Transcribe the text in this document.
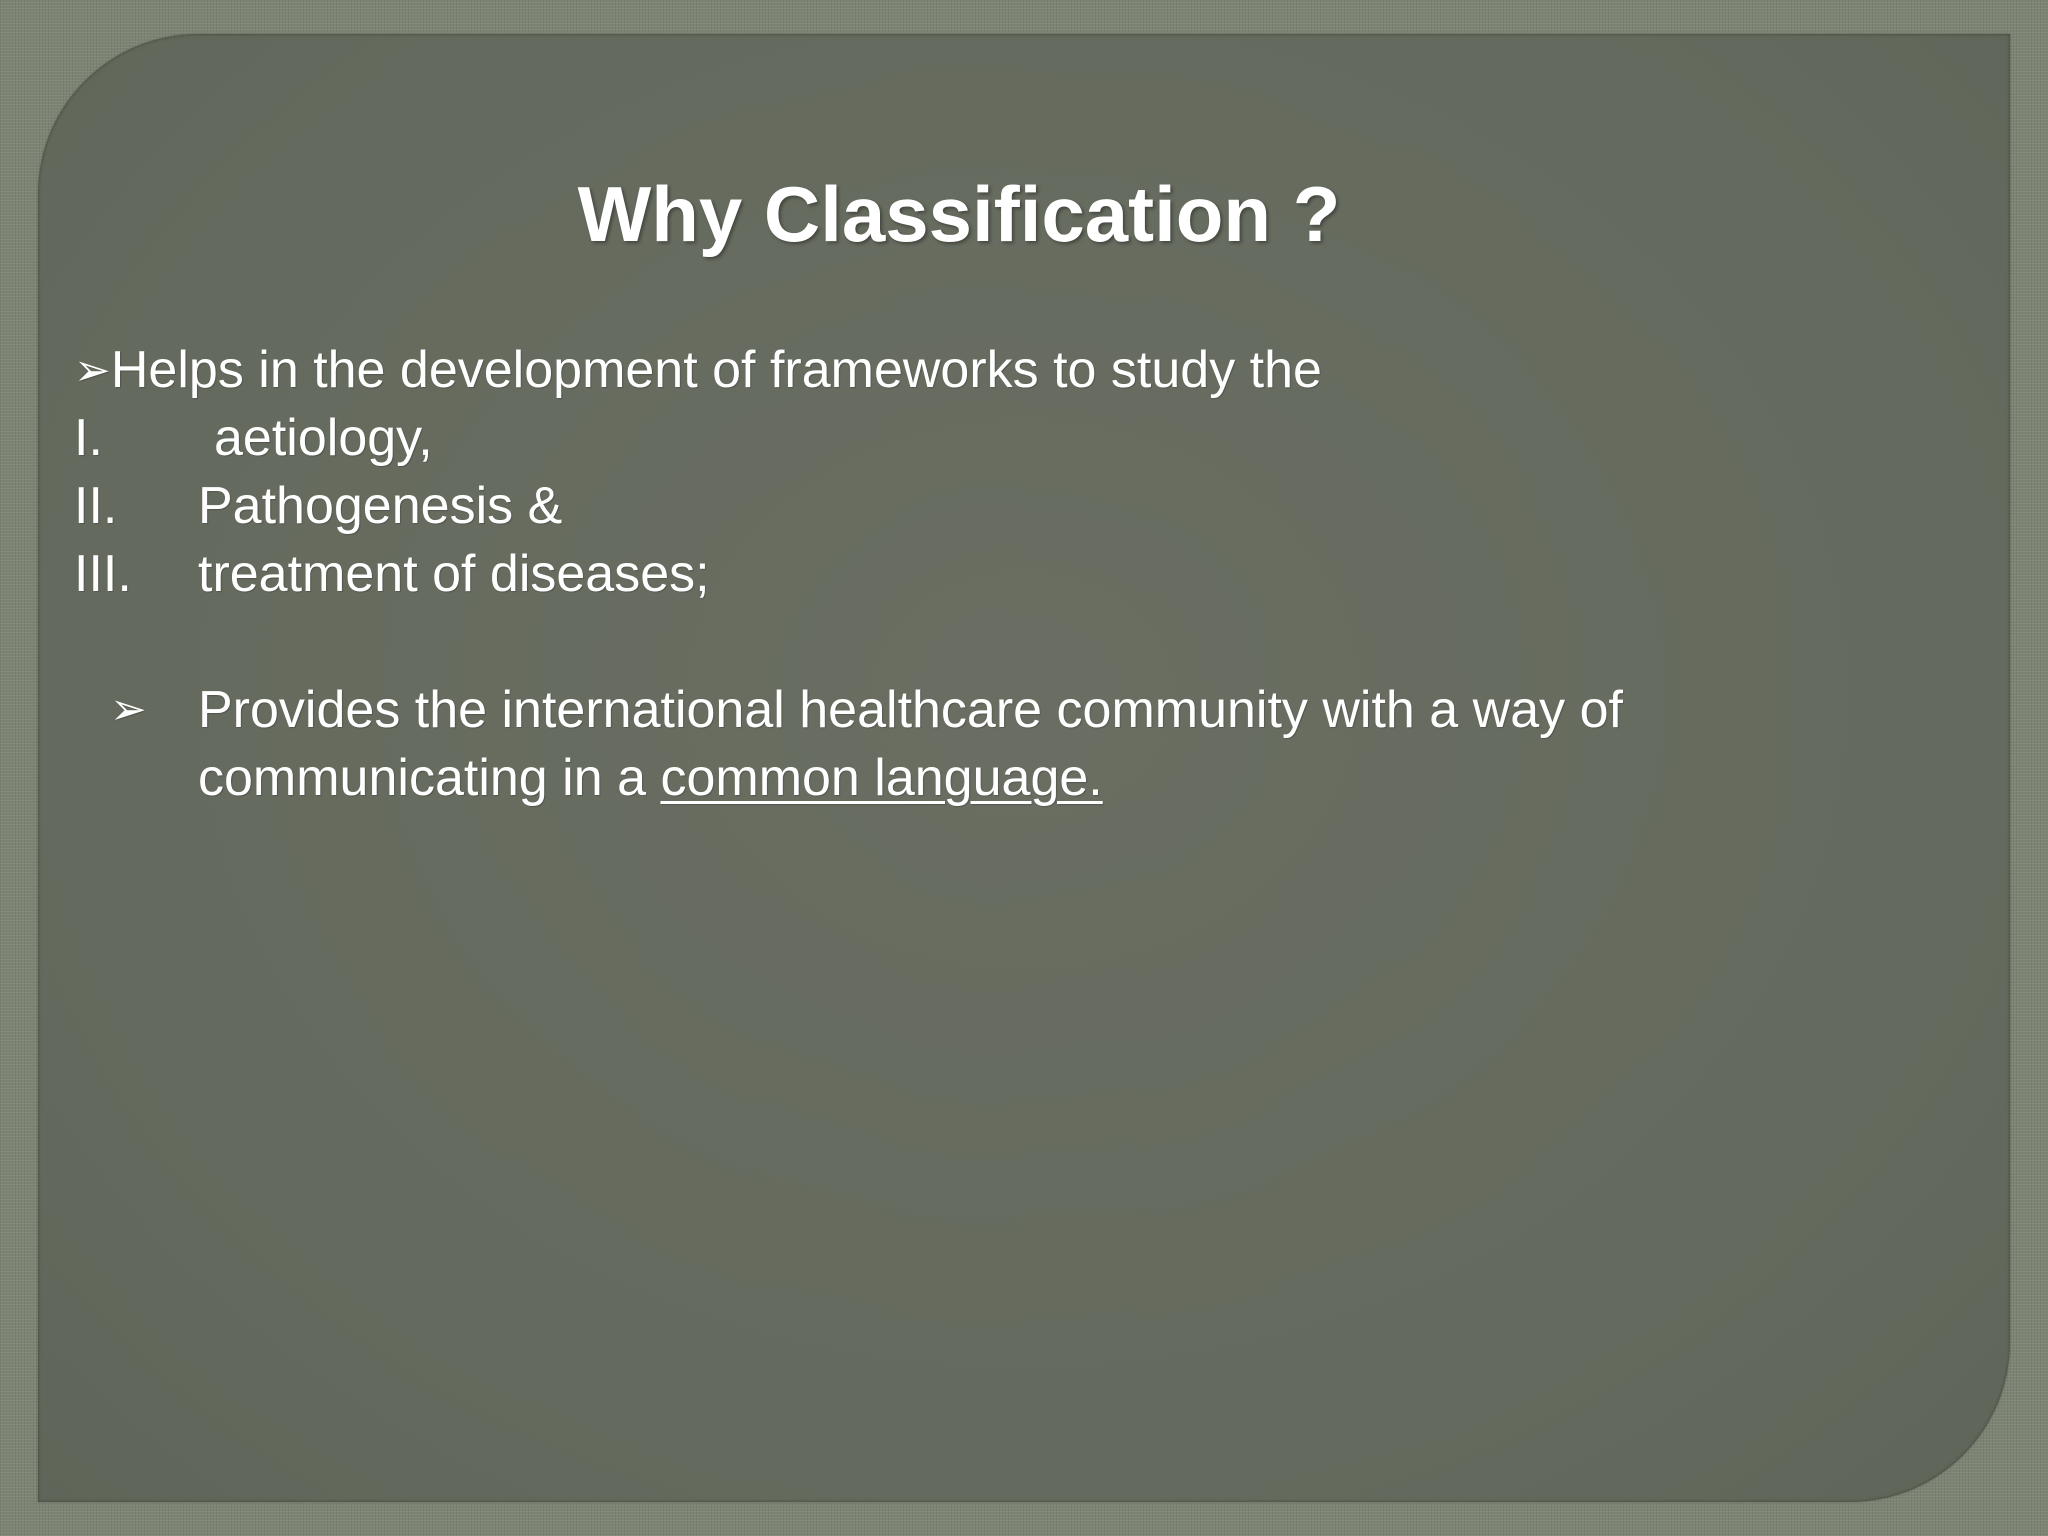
Why Classification ?
➢Helps in the development of frameworks to study the
I. aetiology,
II. Pathogenesis &
III. treatment of diseases;
➢ Provides the international healthcare community with a way of
communicating in a common language.
